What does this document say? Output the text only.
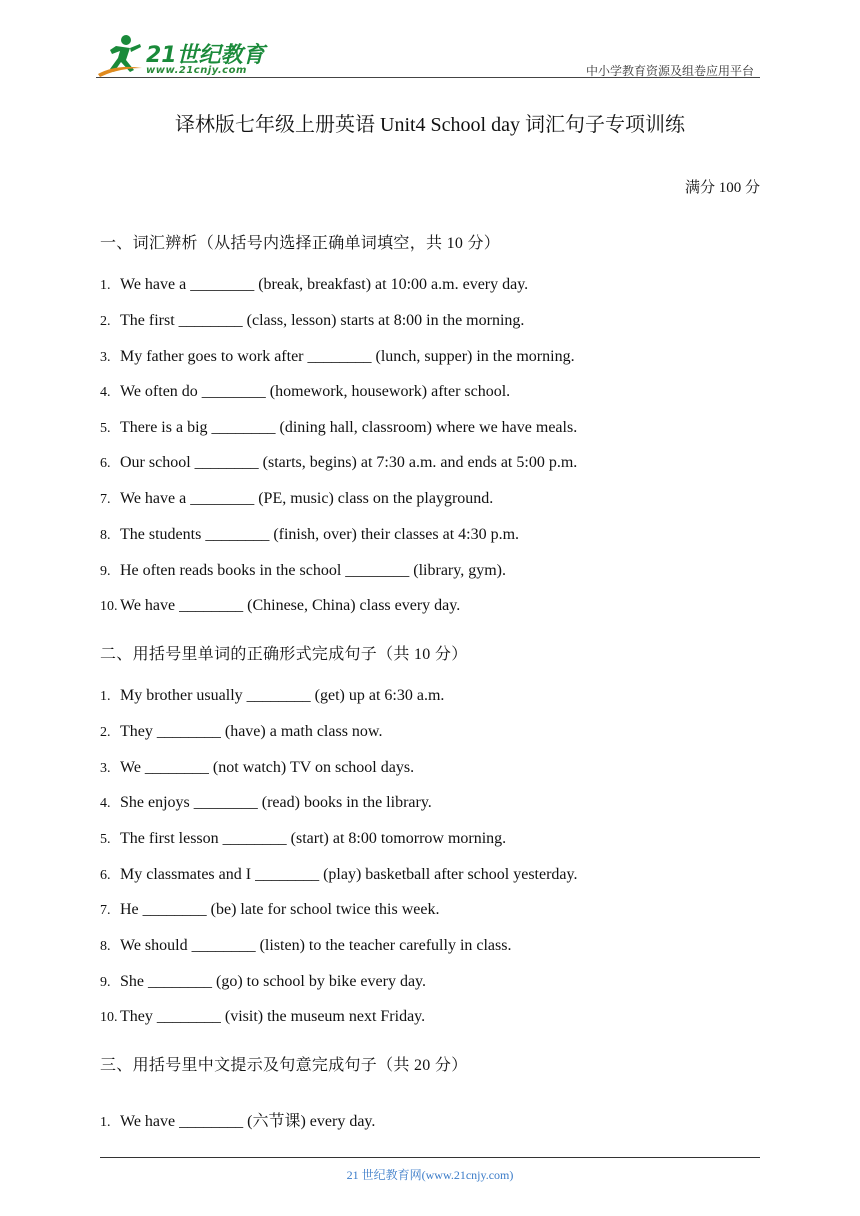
21世纪教育
www.21cnjy.com	中小学教育资源及组卷应用平台
译林版七年级上册英语 Unit4 School day 词汇句子专项训练
满分 100 分
一、词汇辨析（从括号内选择正确单词填空，共 10 分）
1. We have a ________ (break, breakfast) at 10:00 a.m. every day.
2. The first ________ (class, lesson) starts at 8:00 in the morning.
3. My father goes to work after ________ (lunch, supper) in the morning.
4. We often do ________ (homework, housework) after school.
5. There is a big ________ (dining hall, classroom) where we have meals.
6. Our school ________ (starts, begins) at 7:30 a.m. and ends at 5:00 p.m.
7. We have a ________ (PE, music) class on the playground.
8. The students ________ (finish, over) their classes at 4:30 p.m.
9. He often reads books in the school ________ (library, gym).
10. We have ________ (Chinese, China) class every day.
二、用括号里单词的正确形式完成句子（共 10 分）
1. My brother usually ________ (get) up at 6:30 a.m.
2. They ________ (have) a math class now.
3. We ________ (not watch) TV on school days.
4. She enjoys ________ (read) books in the library.
5. The first lesson ________ (start) at 8:00 tomorrow morning.
6. My classmates and I ________ (play) basketball after school yesterday.
7. He ________ (be) late for school twice this week.
8. We should ________ (listen) to the teacher carefully in class.
9. She ________ (go) to school by bike every day.
10. They ________ (visit) the museum next Friday.
三、用括号里中文提示及句意完成句子（共 20 分）
1. We have ________ (六节课) every day.
21 世纪教育网(www.21cnjy.com)
